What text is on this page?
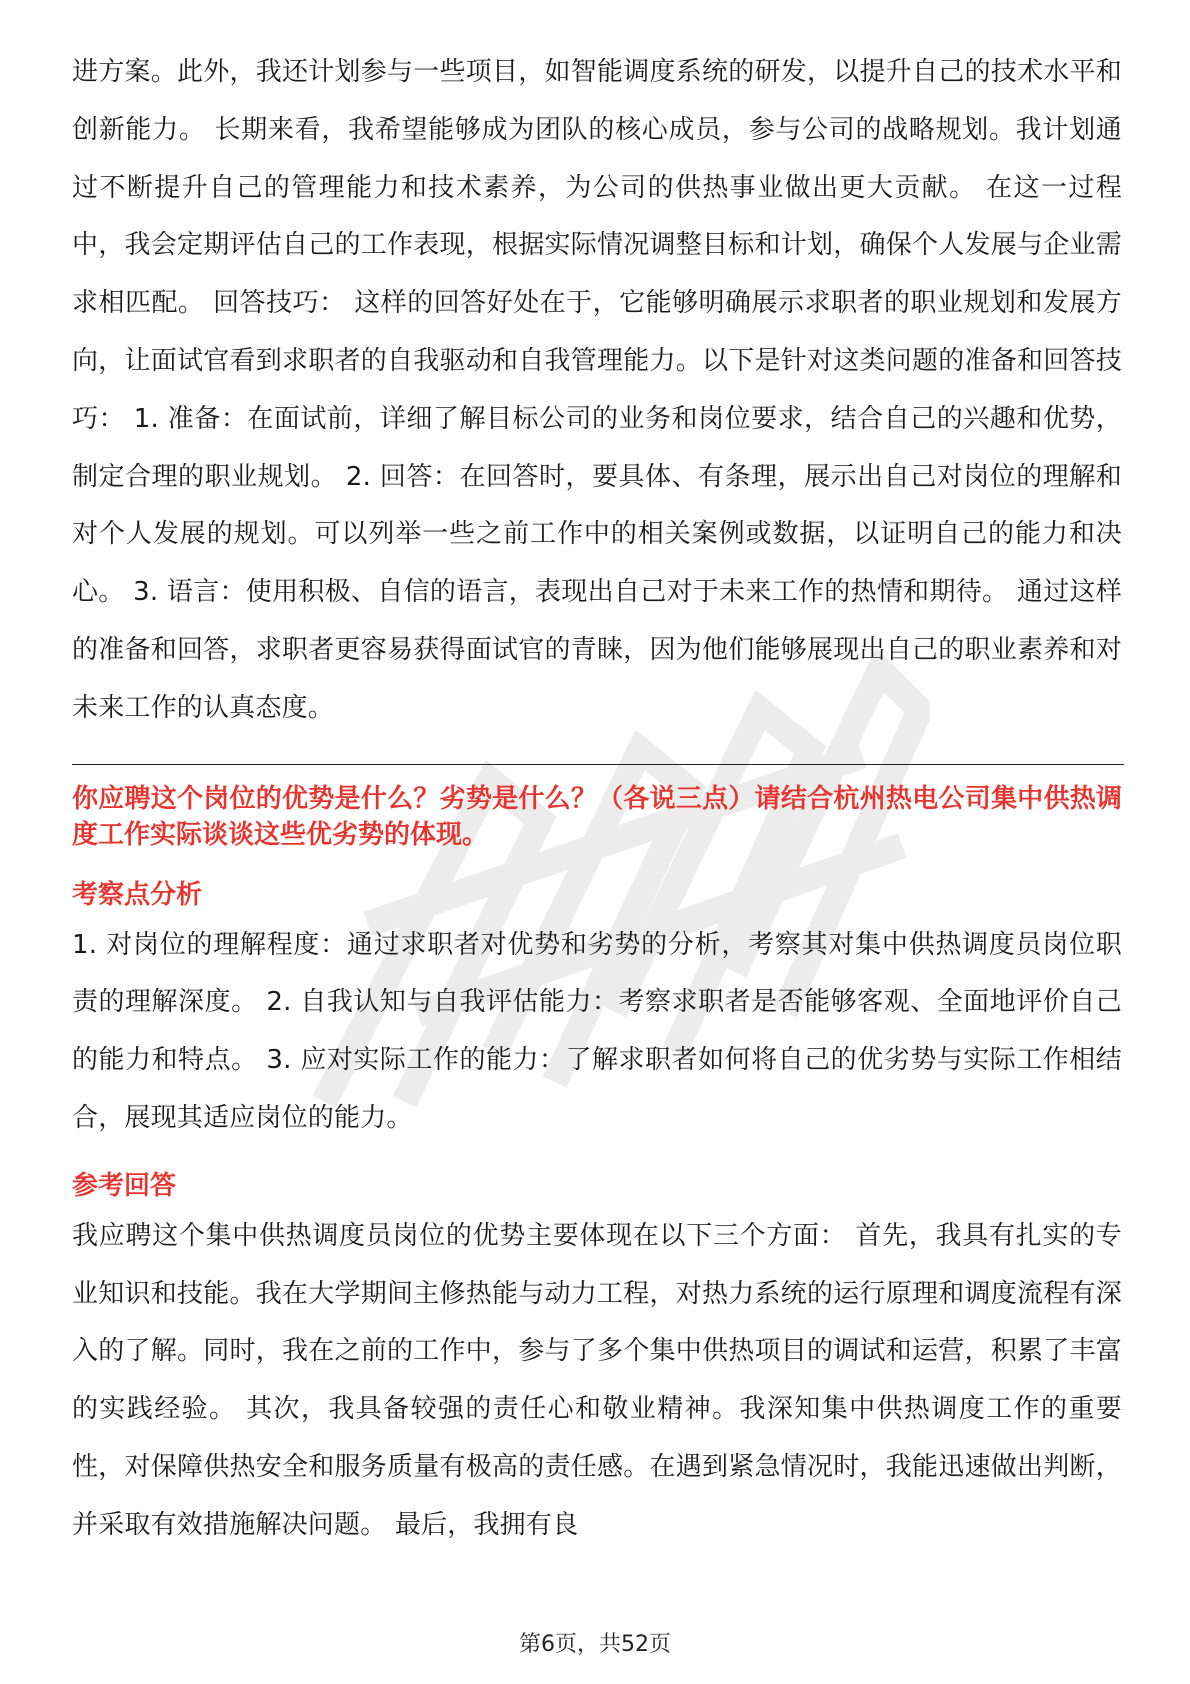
进方案。此外，我还计划参与一些项目，如智能调度系统的研发，以提升自己的技术水平和创新能力。 长期来看，我希望能够成为团队的核心成员，参与公司的战略规划。我计划通过不断提升自己的管理能力和技术素养，为公司的供热事业做出更大贡献。 在这一过程中，我会定期评估自己的工作表现，根据实际情况调整目标和计划，确保个人发展与企业需求相匹配。 回答技巧： 这样的回答好处在于，它能够明确展示求职者的职业规划和发展方向，让面试官看到求职者的自我驱动和自我管理能力。以下是针对这类问题的准备和回答技巧： 1. 准备：在面试前，详细了解目标公司的业务和岗位要求，结合自己的兴趣和优势，制定合理的职业规划。 2. 回答：在回答时，要具体、有条理，展示出自己对岗位的理解和对个人发展的规划。可以列举一些之前工作中的相关案例或数据，以证明自己的能力和决心。 3. 语言：使用积极、自信的语言，表现出自己对于未来工作的热情和期待。 通过这样的准备和回答，求职者更容易获得面试官的青睐，因为他们能够展现出自己的职业素养和对未来工作的认真态度。

你应聘这个岗位的优势是什么？劣势是什么？（各说三点）请结合杭州热电公司集中供热调度工作实际谈谈这些优劣势的体现。

考察点分析

1. 对岗位的理解程度：通过求职者对优势和劣势的分析，考察其对集中供热调度员岗位职责的理解深度。 2. 自我认知与自我评估能力：考察求职者是否能够客观、全面地评价自己的能力和特点。 3. 应对实际工作的能力：了解求职者如何将自己的优劣势与实际工作相结合，展现其适应岗位的能力。

参考回答

我应聘这个集中供热调度员岗位的优势主要体现在以下三个方面： 首先，我具有扎实的专业知识和技能。我在大学期间主修热能与动力工程，对热力系统的运行原理和调度流程有深入的了解。同时，我在之前的工作中，参与了多个集中供热项目的调试和运营，积累了丰富的实践经验。 其次，我具备较强的责任心和敬业精神。我深知集中供热调度工作的重要性，对保障供热安全和服务质量有极高的责任感。在遇到紧急情况时，我能迅速做出判断，并采取有效措施解决问题。 最后，我拥有良

第6页，共52页
